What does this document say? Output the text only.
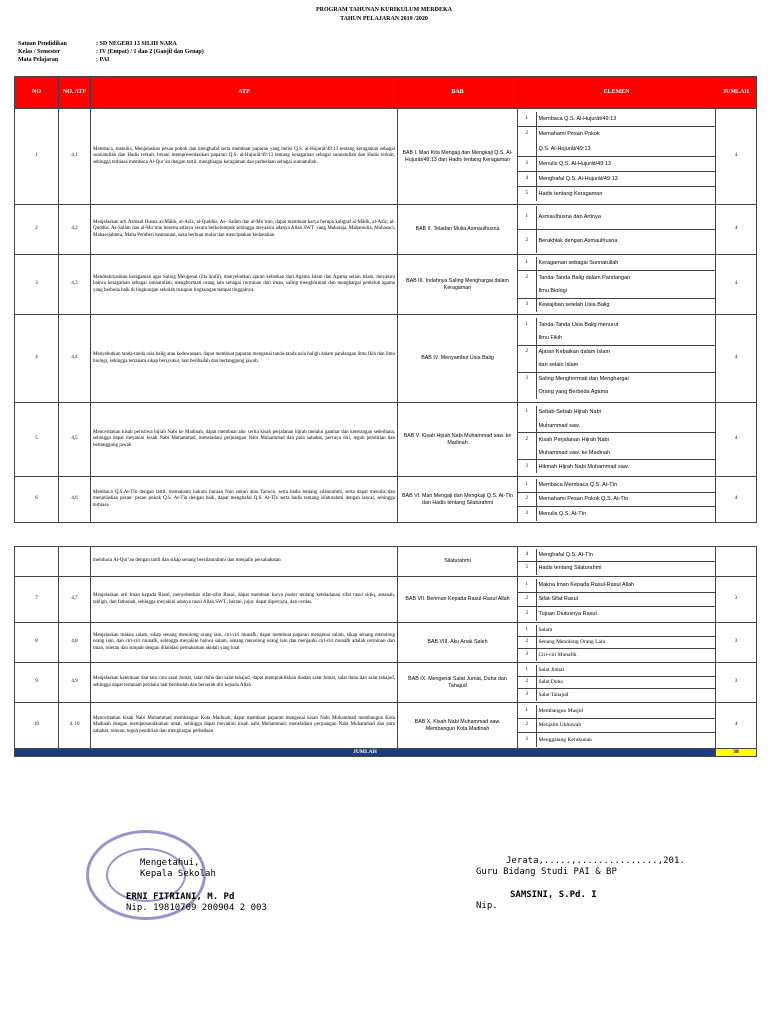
PROGRAM TAHUNAN KURIKULUM MERDEKA
TAHUN PELAJARAN 2019 /2020
Satuan Pendidikan	: SD NEGERI 13 SILIH NARA
Kelas / Semester	: IV (Empat) / 1 dan 2 (Ganjil dan Genap)
Mata Pelajaran	: PAI
NO	NO. ATP	ATP	BAB	ELEMEN	JUMLAH
1	4,1	Membaca, menulis, Menjelaskan pesan pokok dan menghafal serta membuat paparan yang berisi Q.S. al-Hujurāt/49:13 tentang keragaman sebagai sunnatullah dan Hadis terkait, berani mempresentasikan paparan Q.S. al-Hujurāt/49:13 tentang keragaman sebagai sunnatullah dan Hadis terkait, sehingga terbiasa membaca Al-Qur’an dengan tartil, menghargai keragaman dan perbedaan sebagai sunnatullah.	BAB I. Mari Kita Mengaji dan Mengkaji Q.S. Al-Hujurāt/49:13 dan Hadis tentang Keragaman	
1	Membaca Q.S. Al-Hujurāt/49:13
2	Memahami Pesan Pokok
	Q.S. Al-Hujurāt/49:13
3	Menulis Q.S. Al-Hujurāt/49:13
4	Menghafal Q.S. Al-Hujurāt/49:13
5	Hadis tentang Keragaman
	4
2	4,2	Menjelaskan arti Asmaul Husna al-Mālik, al-Azīz, al-Quddūs, As- Salām dan al-Mu’min, dapat membuat karya berupa kaligraf al-Mālik, al-Azīz, al-Quddūs, As-Salām dan al-Mu’min beserta artinya secara berkelompok sehingga meyakini adanya Allah SWT. yang Maharaja, Mahamulia, Mahasuci, Mahasejahtera, Maha Pemberi keamanan, suka berbuat mulia dan menciptakan kedamaian.	BAB II. Teladan Mulia Asmaulhusna	
1	Asmaulhusna dan Artinya
2	Berakhlak dengan Asmaulhusna
	4
3	4,3	Mendeskripsikan keragaman agar Saling Mengenal (lita`ārafū), menyebutkan ajaran kebaikan dari Agama Islam dan Agama selain Islam, meyakini bahwa keragaman sebagai sunnatullah, menghormati orang lain sebagai cerminan dari iman, saling menghormati dan menghargai pemeluk agama yang berbeda baik di lingkungan sekolah maupun lingkungan tempat tinggalnya.	BAB III. Indahnya Saling Menghargai dalam Keragaman	
1	Keragaman sebagai Sunnatullah
2	Tanda-Tanda Balig dalam Pandangan
	Ilmu Biologi
3	Kewajiban setelah Usia Balig
	4
4	4,4	Menyebutkan tanda-tanda usia balig atau kedewasaan, dapat membuat paparan mengenai tanda-tanda usia baligh dalam pandangan ilmu fkih dan ilmu biologi, sehingga tertanam sikap bersyukur, taat beribadah dan bertanggung jawab.	BAB IV. Menyambut Usia Balig	
1	Tanda-Tanda Usia Balig menurut
	Ilmu Fikih
2	Ajaran Kebaikan dalam Islam
	dan selain Islam
3	Saling Menghormati dan Menghargai
	Orang yang Berbeda Agama
	4
5	4,5	Menceritakan kisah peristiwa hijrah Nabi ke Madinah, dapat membuat alur cerita kisah perjalanan hijrah melalui gambar dan keterangan sederhana, sehingga dapat meyakini kisah Nabi Muhammad, meneladani perjuangan Nabi Muhammad dan para sahabat, percaya diri, teguh pendirian dan bertanggung jawab	BAB V. Kisah Hijrah Nabi Muhammad saw. ke Madinah	
1	Sebab-Sebab Hijrah Nabi
	Muhammad saw.
2	Kisah Perjalanan Hijrah Nabi
	Muhammad saw. ke Madinah
3	Hikmah Hijrah Nabi Muhammad saw.
	4
6	4,6	Membaca Q.S.At-Tīn dengan tartil, memahami hukum bacaan Nun sukun atau Tanwin, serta hadis tentang silaturahmi, serta dapat menulis dan menjelaskan pesan- pesan pokok Q.S. At-Tīn dengan baik, dapat menghafal Q.S. At-Tīn serta hadis tentang silaturahmi dengan lancar, sehingga terbiasa	BAB VI. Mari Mengaji dan Mengkaji Q.S. At-Tīn dan Hadis tentang Silaturahmi	
1	Membaca Membaca Q.S. At-Tīn
2	Memahami Pesan Pokok Q.S. At-Tīn
3	Menulis Q.S. At-Tīn
	4
		membaca Al-Qur’an dengan tartil dan sikap senang bersilaturahmi dan menjalin persahabatan	Silaturahmi	
4	Menghafal Q.S. At-Tīn
5	Hadis tentang Silaturahmi

7	4,7	Menjelaskan arti Iman kepada Rasul, menyebutkan sifat-sifat Rasul, dapat membuat karya poster tentang keteladanan sifat rasul sidiq, amanah, tabligh, dan fathonah, sehingga meyakini adanya rasul Allah SWT., berani, jujur, dapat dipercaya, dan cerdas.	BAB VII. Beriman Kepada Rasul-Rasul Allah	
1	Makna Iman Kepada Rasul-Rasul Allah
2	Sifat-Sifat Rasul
3	Tujuan Diutusnya Rasul
	3
8	4,8	Menjelaskan makna salam, sikap senang menolong orang lain, ciri-ciri munafk, dapat membuat paparan mengenai salam, sikap senang menolong orang lain, dan ciri-ciri munafk, sehingga meyakini bahwa salam, senang menolong orang lain dan menjauhi ciri-ciri munafk adalah cerminan dari iman, toleran dan simpati dengan dilandasi pemahaman akidah yang kuat	BAB VIII. Aku Anak Saleh	
1	Salam
2	Senang Menolong Orang Lain
3	Ciri-ciri Munafik
	3
9	4,9	Menjelaskan ketentuan dan tata cara salat Jumat, salat duha dan salat tahajud, dapat mempraktikkan ibadah salat Jumat, salat duha dan salat tahajud, sehingga dapat tertanam perilaku taat beribadah dan berserah diri kepada Allah	BAB IX. Mengenal Salat Jumat, Duha dan Tahajud	
1	Salat Jumat
2	Salat Duha
3	Salat Tahajud
	3
10	4. 10	Menceritakan kisah Nabi Muhammad membangun Kota Madinah, dapat membuat paparan mengenai kisah Nabi Muhammad membangun Kota Madinah dengan mempersaudarakan umat, sehingga dapat meyakini kisah nabi Muhammad, meneladani perjuangan Nabi Muhammad dan para sahabat, toleran, teguh pendirian dan menghargai perbedaan	BAB X. Kisah Nabi Muhammad saw. Membangun Kota Madinah	
1	Membangun Masjid
2	Menjalin Ukhuwah
3	Menggalang Kerukunan
	4
JUMLAH	38
Mengetahui,
Kepala Sekolah
ERNI FITRIANI, M. Pd
Nip. 19810709 200904 2 003
Jerata,.....,...............,201.
Guru Bidang Studi PAI & BP
SAMSINI, S.Pd. I
Nip.
